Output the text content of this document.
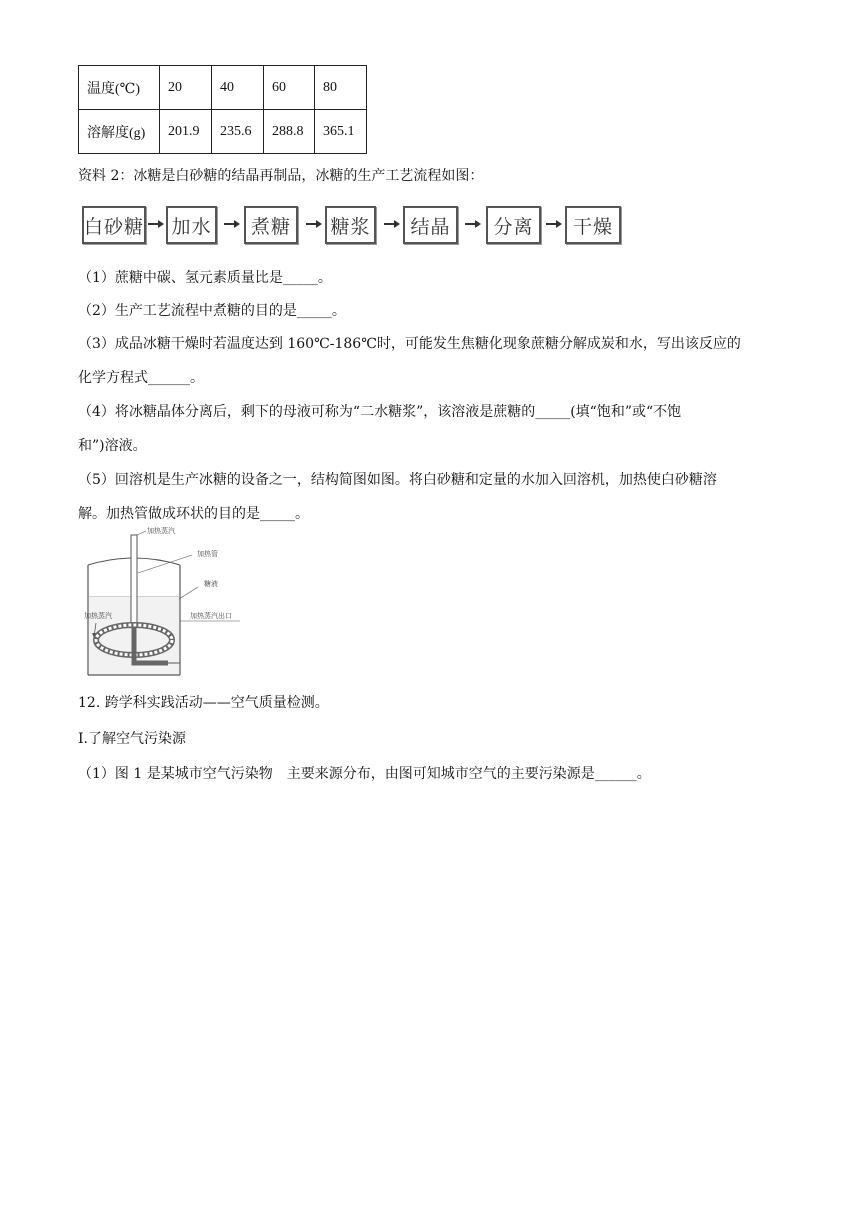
温度(℃)	20	40	60	80
溶解度(g)	201.9	235.6	288.8	365.1
资料 2：冰糖是白砂糖的结晶再制品，冰糖的生产工艺流程如图：
白砂糖 加水	煮糖	糖浆	结晶	分离	干燥
（1）蔗糖中碳、氢元素质量比是_____。
（2）生产工艺流程中煮糖的目的是_____。
（3）成品冰糖干燥时若温度达到 160℃-186℃时，可能发生焦糖化现象蔗糖分解成炭和水，写出该反应的
化学方程式______。
（4）将冰糖晶体分离后，剩下的母液可称为“二水糖浆”，该溶液是蔗糖的_____(填“饱和”或“不饱
和”)溶液。
（5）回溶机是生产冰糖的设备之一，结构简图如图。将白砂糖和定量的水加入回溶机，加热使白砂糖溶
解。加热管做成环状的目的是_____。
加热蒸汽
加热管
糖液
加热蒸汽出口
加热蒸汽
12. 跨学科实践活动——空气质量检测。
I.了解空气污染源
（1）图 1 是某城市空气污染物　主要来源分布，由图可知城市空气的主要污染源是______。
